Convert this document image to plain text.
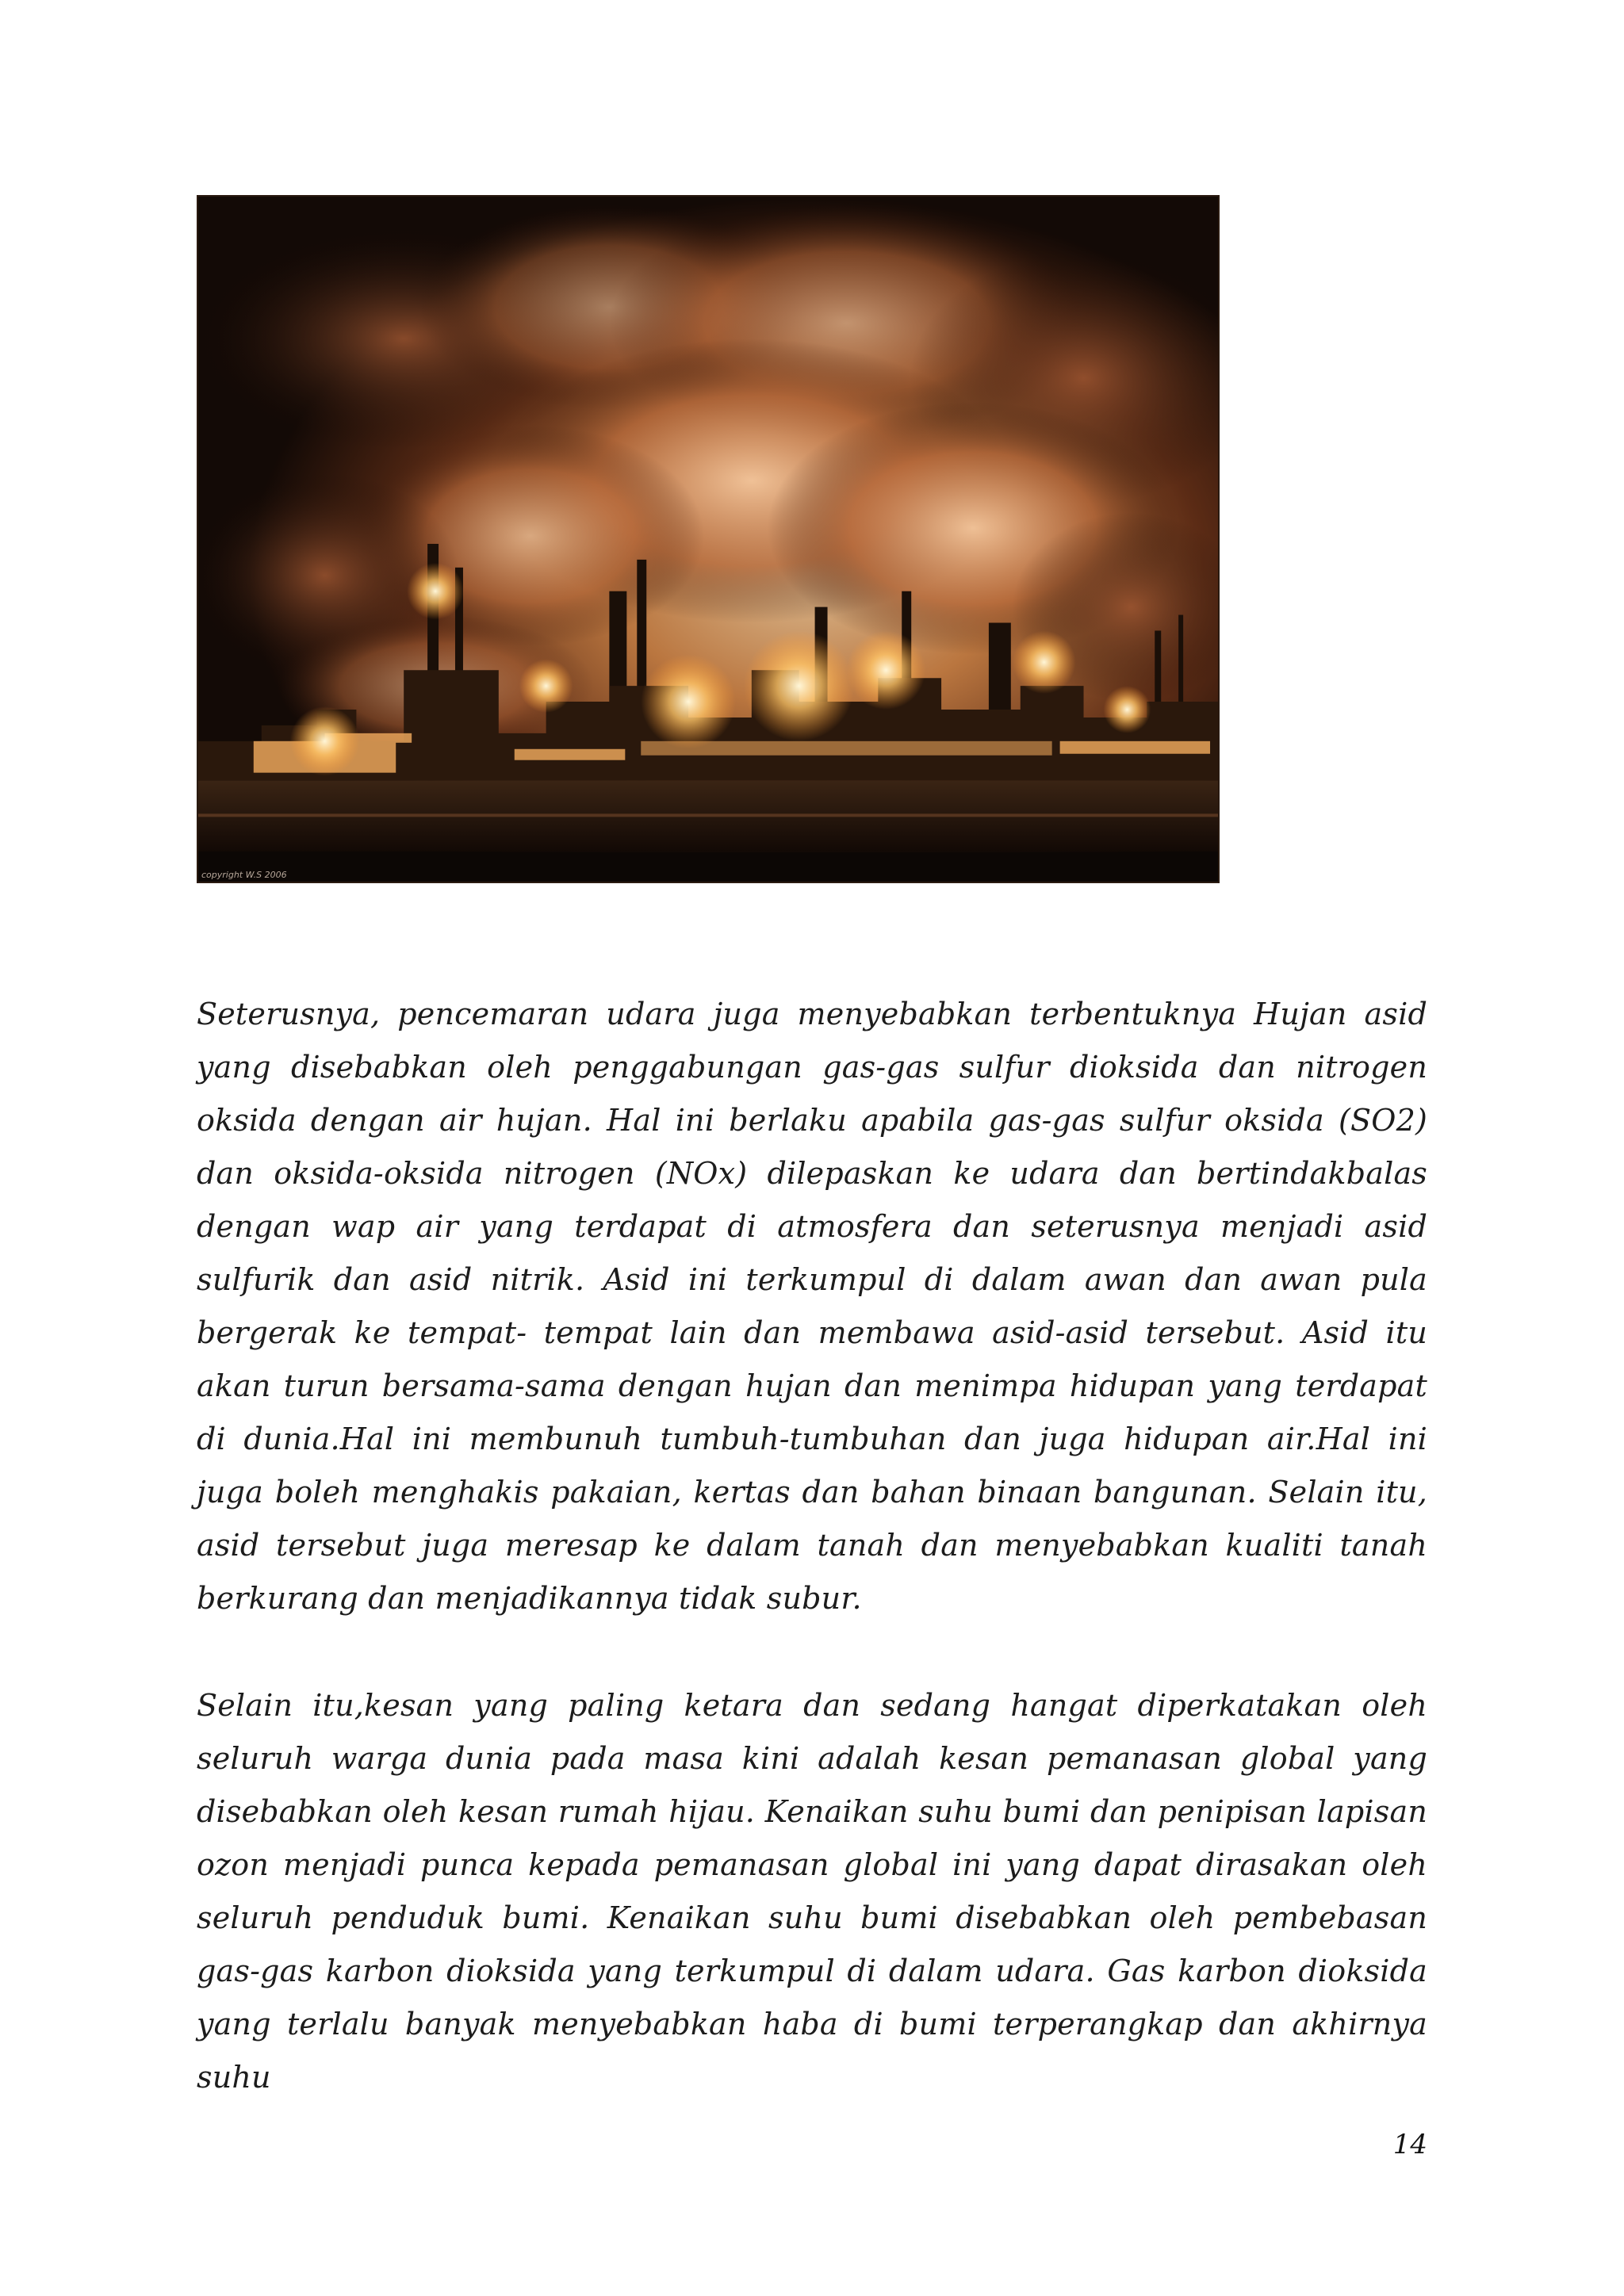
copyright W.S 2006

Seterusnya, pencemaran udara juga menyebabkan terbentuknya Hujan asid yang disebabkan oleh penggabungan gas-gas sulfur dioksida dan nitrogen oksida dengan air hujan. Hal ini berlaku apabila gas-gas sulfur oksida (SO2) dan oksida-oksida nitrogen (NOx) dilepaskan ke udara dan bertindakbalas dengan wap air yang terdapat di atmosfera dan seterusnya menjadi asid sulfurik dan asid nitrik. Asid ini terkumpul di dalam awan dan awan pula bergerak ke tempat- tempat lain dan membawa asid-asid tersebut. Asid itu akan turun bersama-sama dengan hujan dan menimpa hidupan yang terdapat di dunia.Hal ini membunuh tumbuh-tumbuhan dan juga hidupan air.Hal ini juga boleh menghakis pakaian, kertas dan bahan binaan bangunan. Selain itu, asid tersebut juga meresap ke dalam tanah dan menyebabkan kualiti tanah berkurang dan menjadikannya tidak subur.

Selain itu,kesan yang paling ketara dan sedang hangat diperkatakan oleh seluruh warga dunia pada masa kini adalah kesan pemanasan global yang disebabkan oleh kesan rumah hijau. Kenaikan suhu bumi dan penipisan lapisan ozon menjadi punca kepada pemanasan global ini yang dapat dirasakan oleh seluruh penduduk bumi. Kenaikan suhu bumi disebabkan oleh pembebasan gas-gas karbon dioksida yang terkumpul di dalam udara. Gas karbon dioksida yang terlalu banyak menyebabkan haba di bumi terperangkap dan akhirnya suhu

14
